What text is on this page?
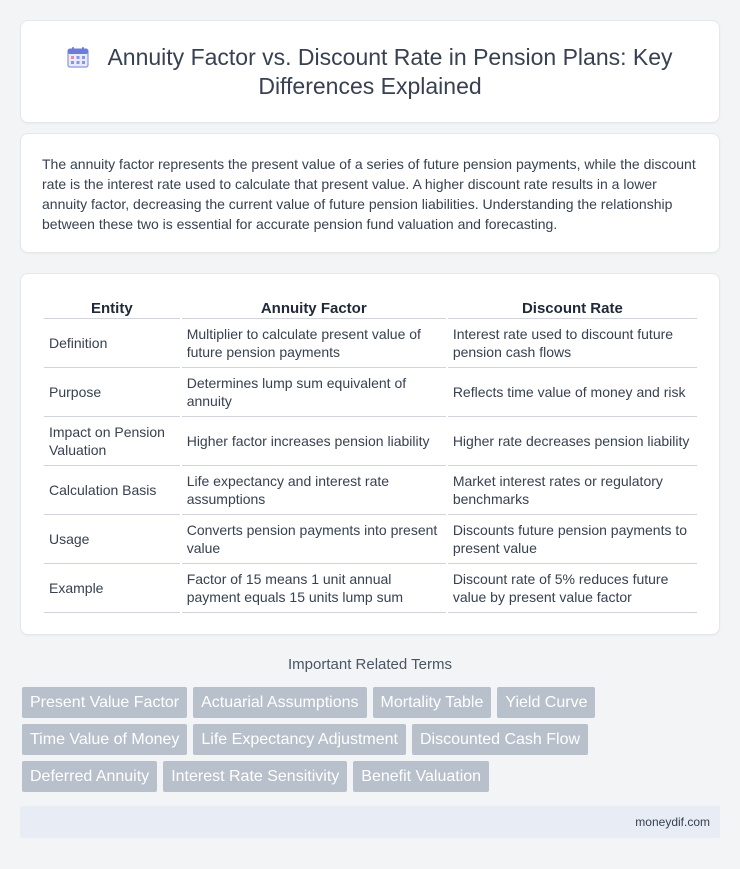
Annuity Factor vs. Discount Rate in Pension Plans: Key Differences Explained

The annuity factor represents the present value of a series of future pension payments, while the discount rate is the interest rate used to calculate that present value. A higher discount rate results in a lower annuity factor, decreasing the current value of future pension liabilities. Understanding the relationship between these two is essential for accurate pension fund valuation and forecasting.

Entity	Annuity Factor	Discount Rate
Definition	Multiplier to calculate present value of future pension payments	Interest rate used to discount future pension cash flows
Purpose	Determines lump sum equivalent of annuity	Reflects time value of money and risk
Impact on Pension Valuation	Higher factor increases pension liability	Higher rate decreases pension liability
Calculation Basis	Life expectancy and interest rate assumptions	Market interest rates or regulatory benchmarks
Usage	Converts pension payments into present value	Discounts future pension payments to present value
Example	Factor of 15 means 1 unit annual payment equals 15 units lump sum	Discount rate of 5% reduces future value by present value factor
Important Related Terms
Present Value Factor	Actuarial Assumptions	Mortality Table	Yield Curve
Time Value of Money	Life Expectancy Adjustment	Discounted Cash Flow
Deferred Annuity	Interest Rate Sensitivity	Benefit Valuation
moneydif.com
